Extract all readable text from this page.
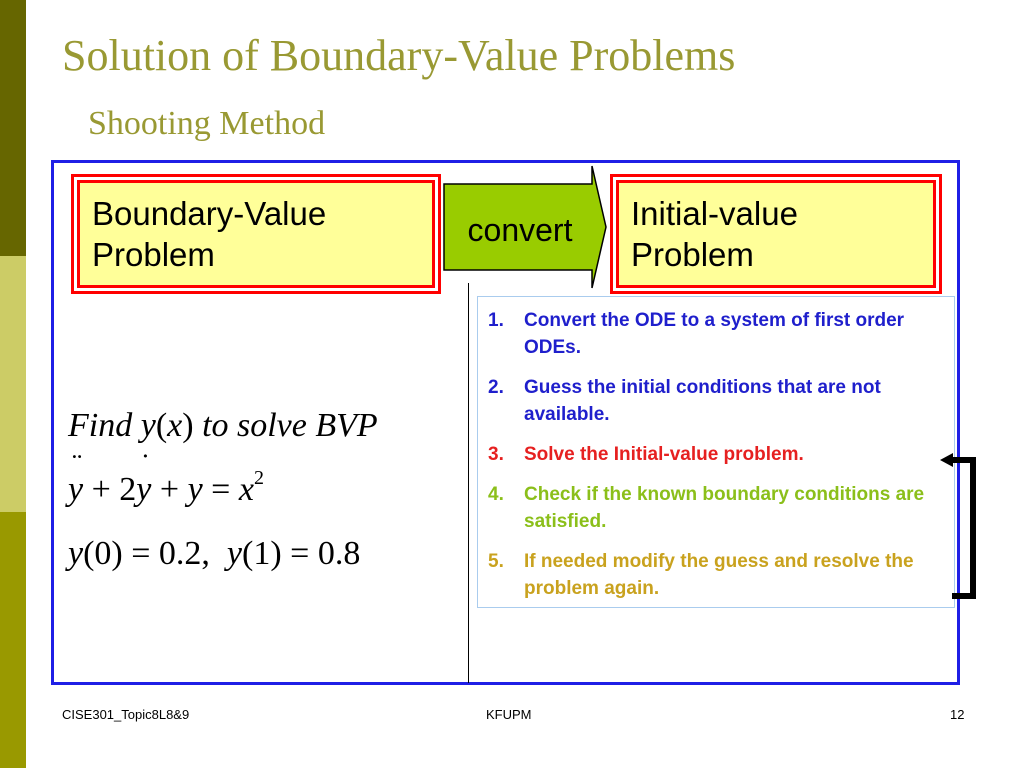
Solution of Boundary-Value Problems
Shooting Method
Boundary-Value
Problem
convert	Initial-value
Problem
Find y(x) to solve BVP
y ¨ + 2y ˙ + $y = x^2$
y(0) = 0.2, y(1) = 0.8
1.	Convert the ODE to a system of first order ODEs.
2.	Guess the initial conditions that are not available.
3.	Solve the Initial-value problem.
4.	Check if the known boundary conditions are satisfied.
5.	If needed modify the guess and resolve the problem again.
CISE301_Topic8L8&9	KFUPM	12
